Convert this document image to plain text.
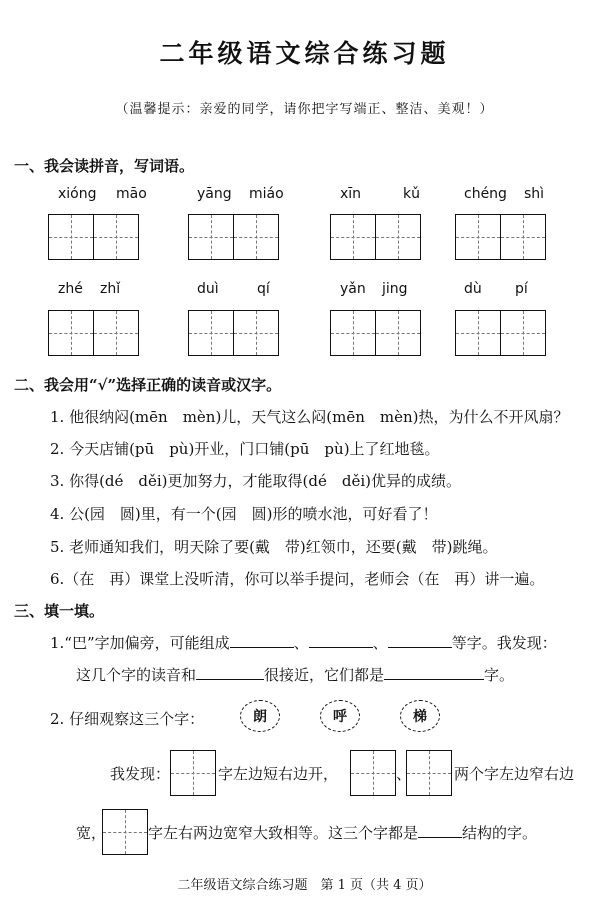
二年级语文综合练习题
（温馨提示：亲爱的同学，请你把字写端正、整洁、美观！）
一、我会读拼音，写词语。
xióng māo	yāng miáo	xīn	kǔ	chéng shì
zhé zhǐ	duì	qí	yǎn jing	dù pí
二、我会用“√”选择正确的读音或汉字。
1. 他很纳闷(mēn　mèn)儿，天气这么闷(mēn　mèn)热，为什么不开风扇？
2. 今天店铺(pū　pù)开业，门口铺(pū　pù)上了红地毯。
3. 你得(dé　děi)更加努力，才能取得(dé　děi)优异的成绩。
4. 公(园　圆)里，有一个(园　圆)形的喷水池，可好看了！
5. 老师通知我们，明天除了要(戴　带)红领巾，还要(戴　带)跳绳。
6.（在　再）课堂上没听清，你可以举手提问，老师会（在　再）讲一遍。
三、填一填。
1.“巴”字加偏旁，可能组成	、	、	等字。我发现：
这几个字的读音和	很接近，它们都是	字。
2. 仔细观察这三个字：	朗	呼	梯
我发现：	字左边短右边开，	、	两个字左边窄右边
宽，	字左右两边宽窄大致相等。这三个字都是	结构的字。
二年级语文综合练习题　第 1 页（共 4 页）
